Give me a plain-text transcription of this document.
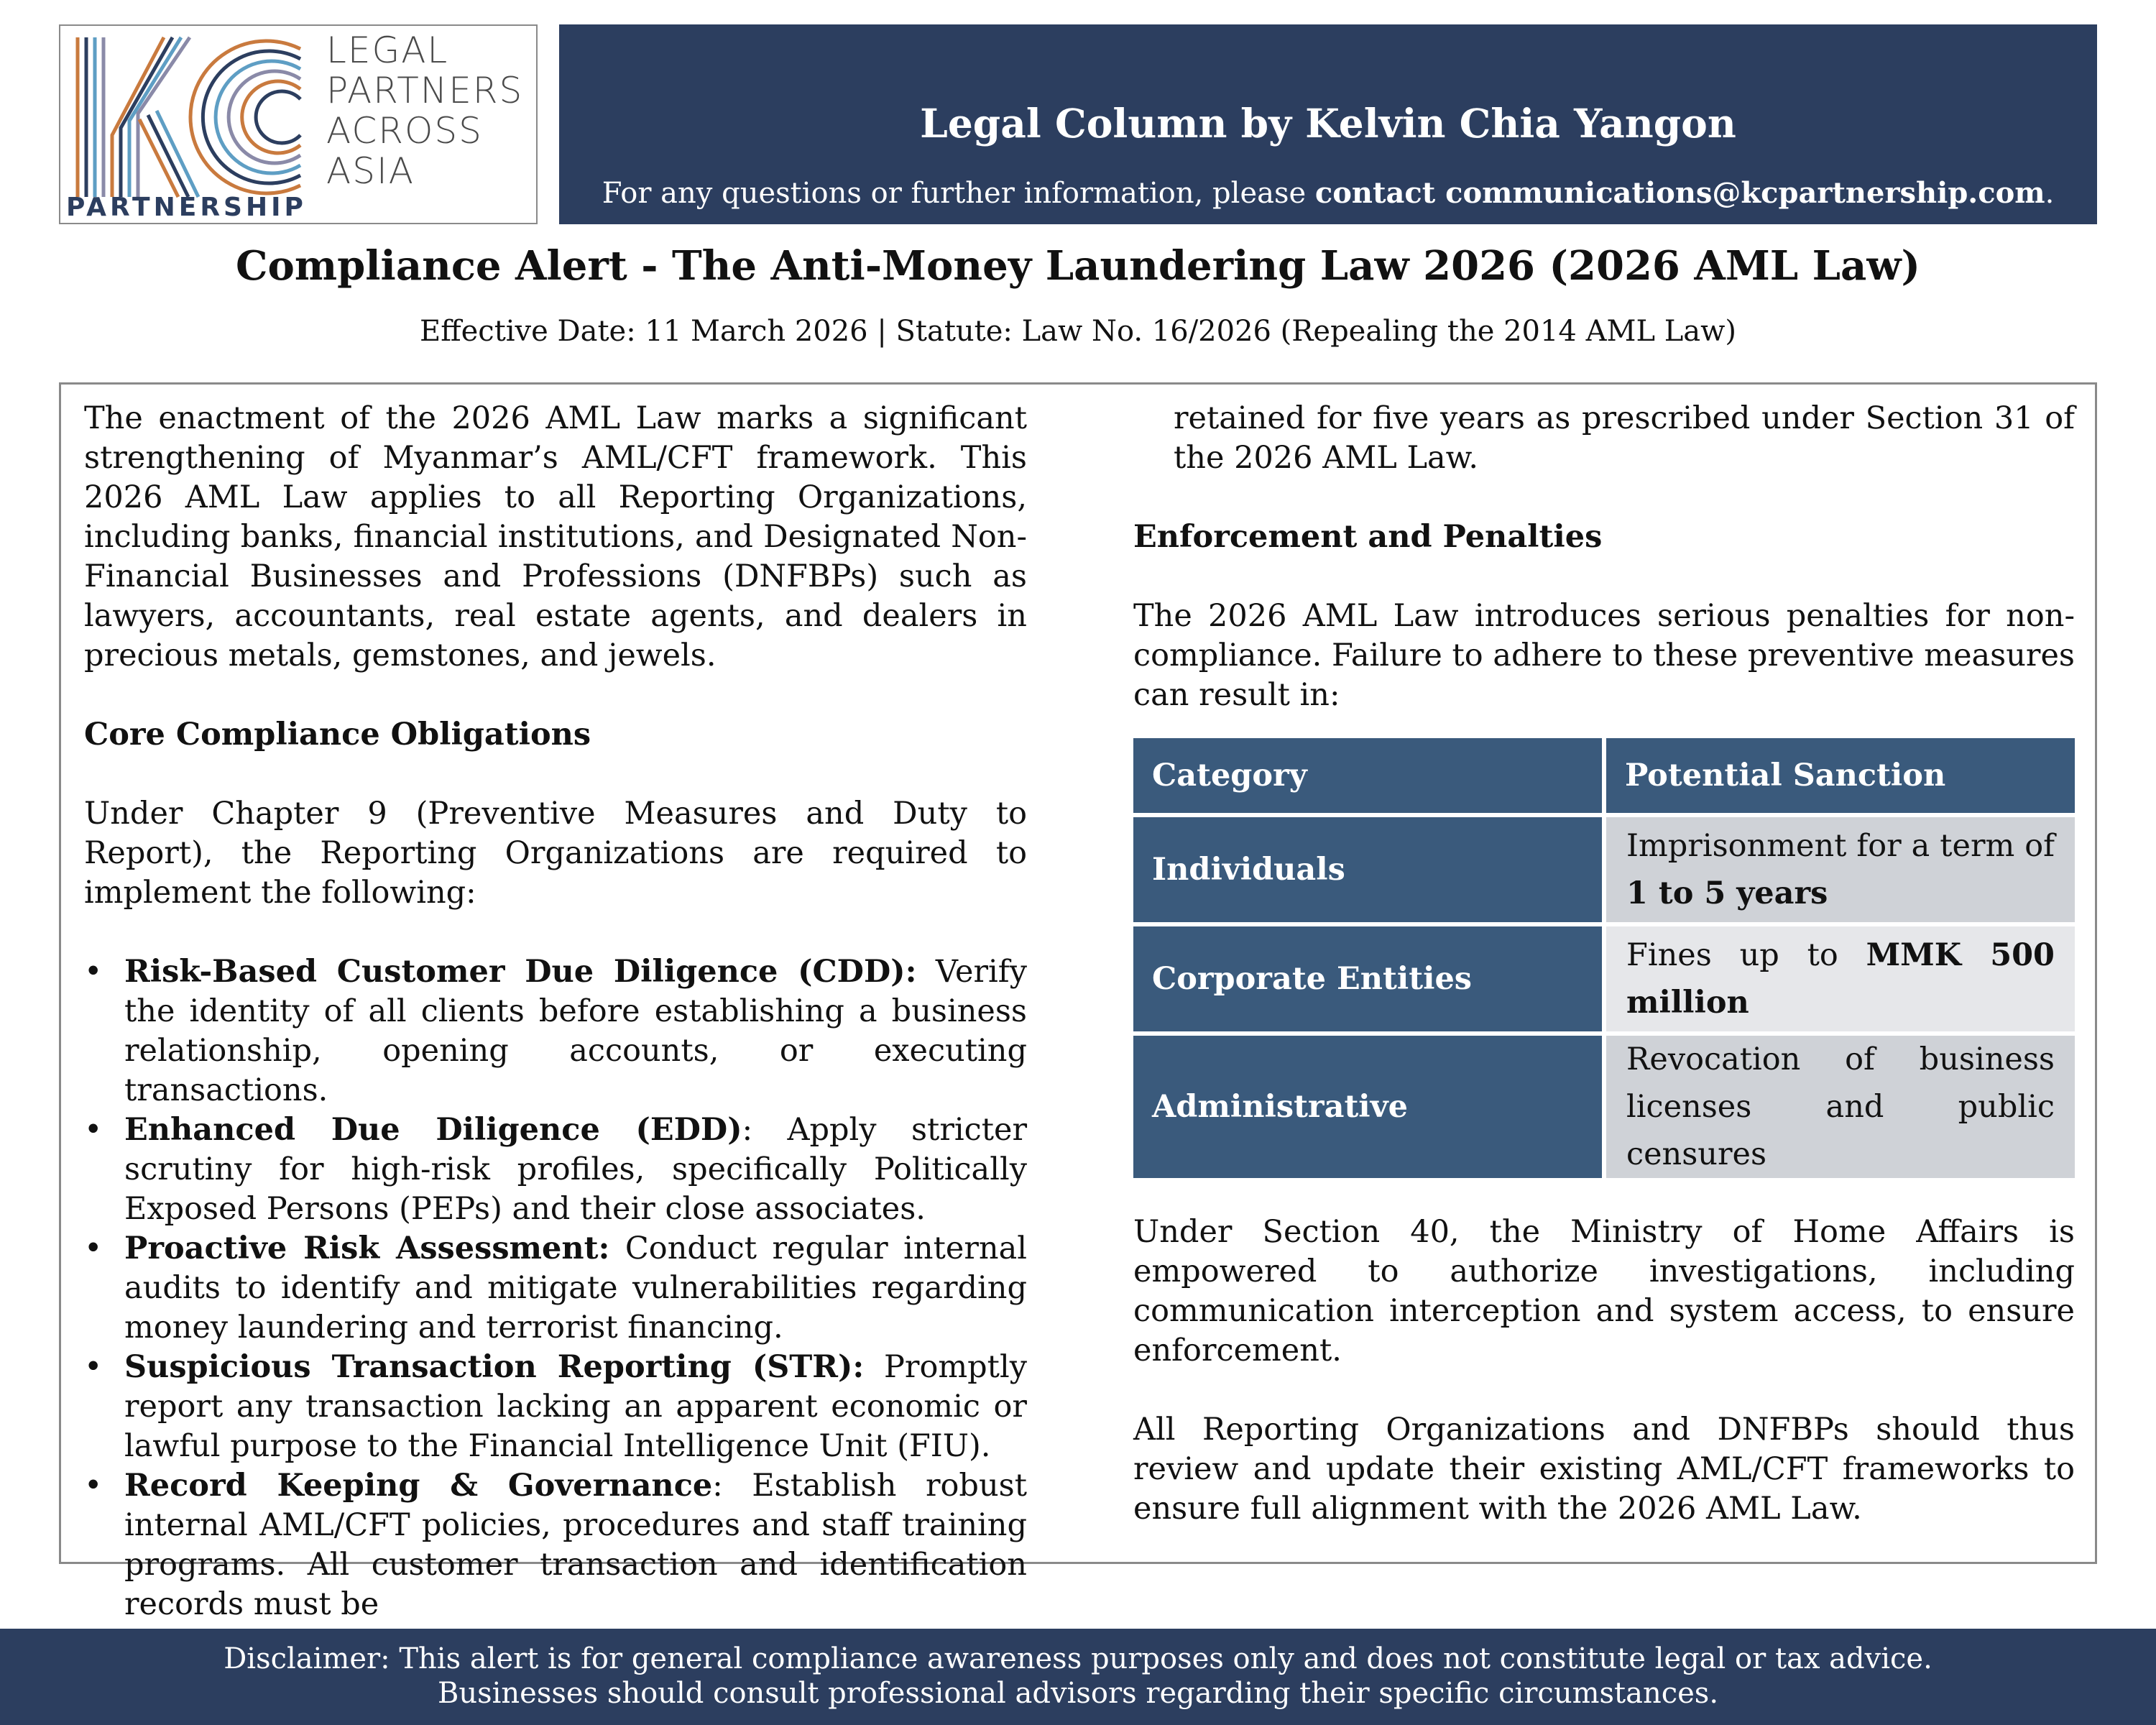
LEGAL
PARTNERS
ACROSS
ASIA
PARTNERSHIP
Legal Column by Kelvin Chia Yangon
For any questions or further information, please contact communications@kcpartnership.com.
Compliance Alert - The Anti-Money Laundering Law 2026 (2026 AML Law)
Effective Date: 11 March 2026 | Statute: Law No. 16/2026 (Repealing the 2014 AML Law)

The enactment of the 2026 AML Law marks a significant strengthening of Myanmar’s AML/CFT framework. This 2026 AML Law applies to all Reporting Organizations, including banks, financial institutions, and Designated Non-Financial Businesses and Professions (DNFBPs) such as lawyers, accountants, real estate agents, and dealers in precious metals, gemstones, and jewels.

Core Compliance Obligations

Under Chapter 9 (Preventive Measures and Duty to Report), the Reporting Organizations are required to implement the following:

• Risk-Based Customer Due Diligence (CDD): Verify the identity of all clients before establishing a business relationship, opening accounts, or executing transactions.
• Enhanced Due Diligence (EDD): Apply stricter scrutiny for high-risk profiles, specifically Politically Exposed Persons (PEPs) and their close associates.
• Proactive Risk Assessment: Conduct regular internal audits to identify and mitigate vulnerabilities regarding money laundering and terrorist financing.
• Suspicious Transaction Reporting (STR): Promptly report any transaction lacking an apparent economic or lawful purpose to the Financial Intelligence Unit (FIU).
• Record Keeping & Governance: Establish robust internal AML/CFT policies, procedures and staff training programs. All customer transaction and identification records must be

retained for five years as prescribed under Section 31 of the 2026 AML Law.

Enforcement and Penalties

The 2026 AML Law introduces serious penalties for non-compliance. Failure to adhere to these preventive measures can result in:

Category	Potential Sanction
Individuals	Imprisonment for a term of 1 to 5 years
Corporate Entities	Fines up to MMK 500 million
Administrative	Revocation of business licenses and public censures

Under Section 40, the Ministry of Home Affairs is empowered to authorize investigations, including communication interception and system access, to ensure enforcement.

All Reporting Organizations and DNFBPs should thus review and update their existing AML/CFT frameworks to ensure full alignment with the 2026 AML Law.

Disclaimer: This alert is for general compliance awareness purposes only and does not constitute legal or tax advice.
Businesses should consult professional advisors regarding their specific circumstances.
